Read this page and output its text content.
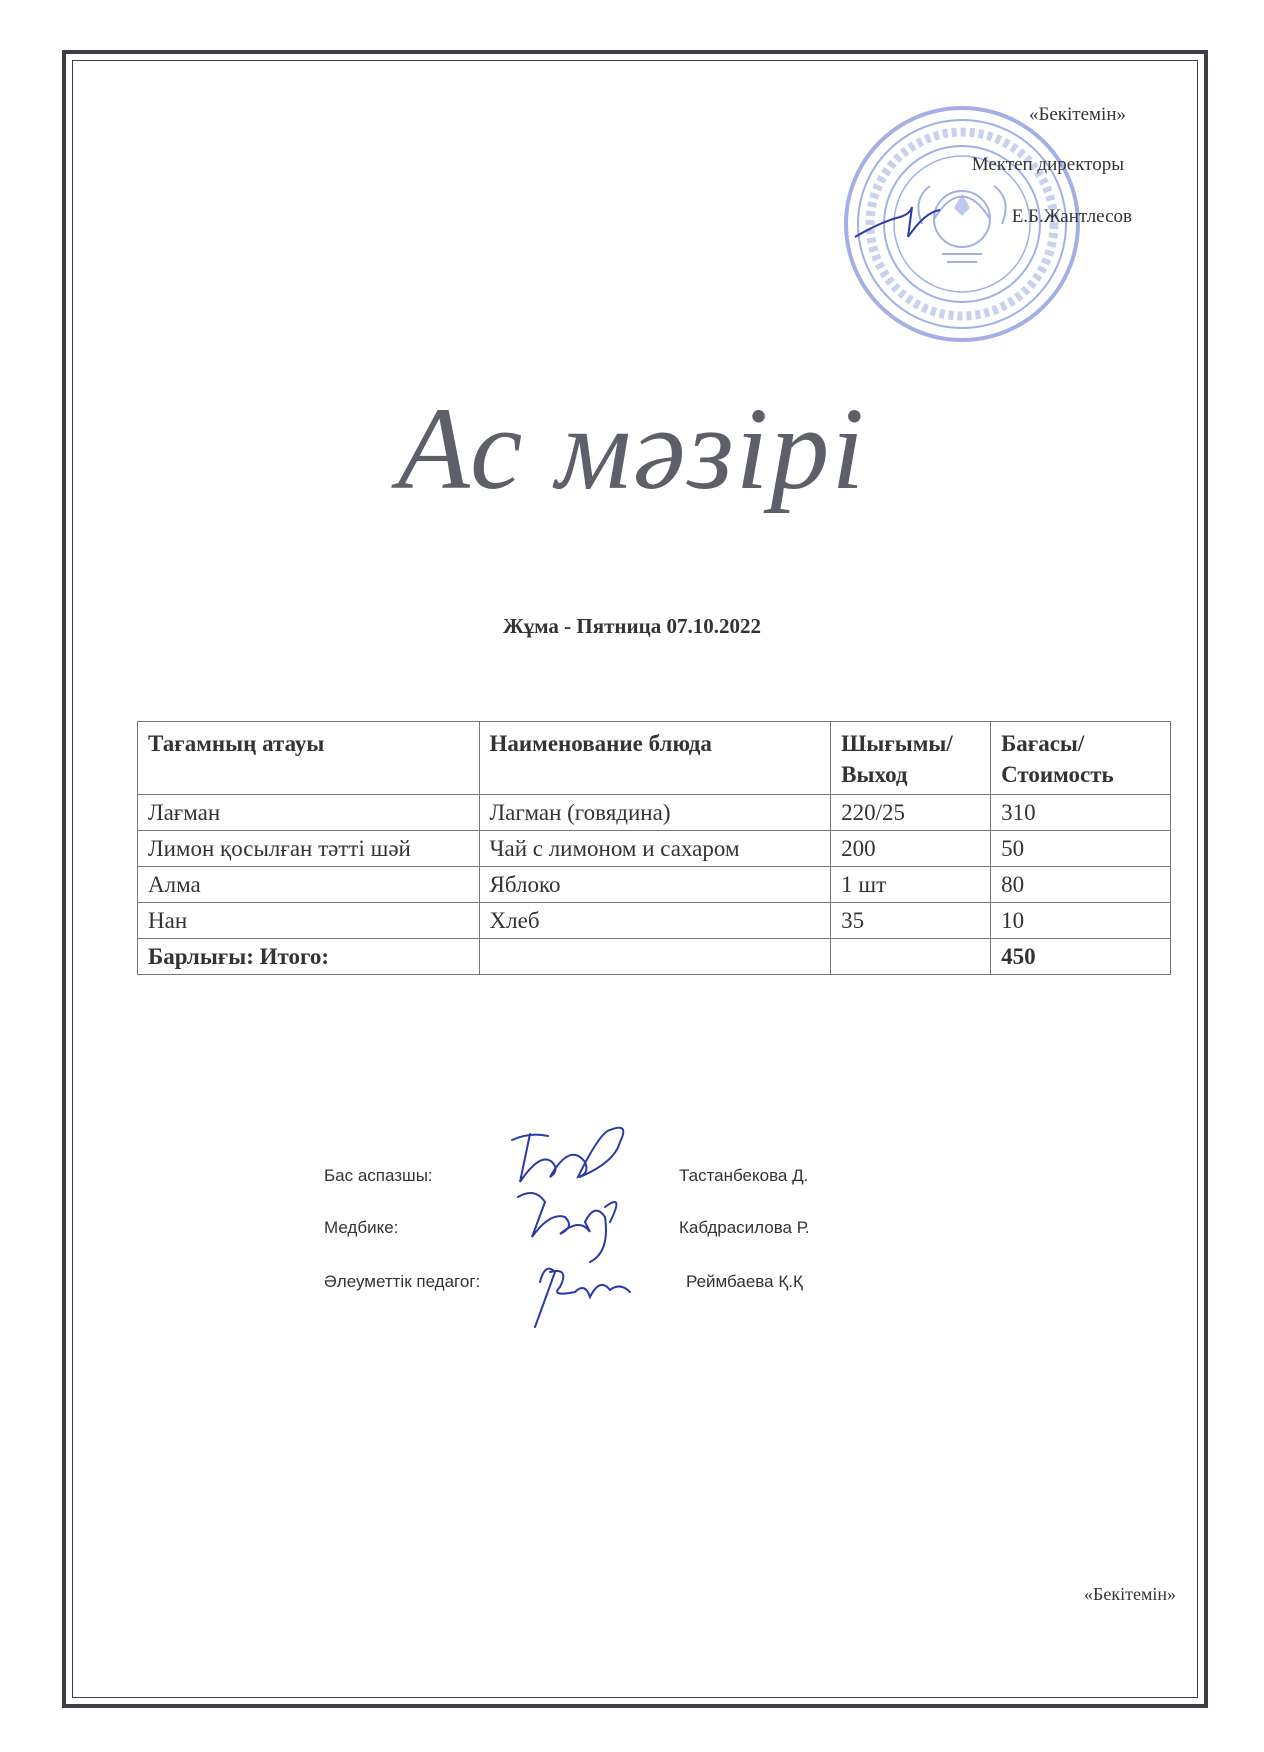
«Бекітемін»
Мектеп директоры
Е.Б.Жантлесов
Ас мәзірі
Жұма - Пятница 07.10.2022
Тағамның атауы	Наименование блюда	Шығымы/ Выход	Бағасы/ Стоимость
Лағман	Лагман (говядина)	220/25	310
Лимон қосылған тәтті шәй	Чай с лимоном и сахаром	200	50
Алма	Яблоко	1 шт	80
Нан	Хлеб	35	10
Барлығы: Итого:			450
Бас аспазшы:	Тастанбекова Д.
Медбике:	Кабдрасилова Р.
Әлеуметтік педагог:	Реймбаева Қ.Қ
«Бекітемін»
